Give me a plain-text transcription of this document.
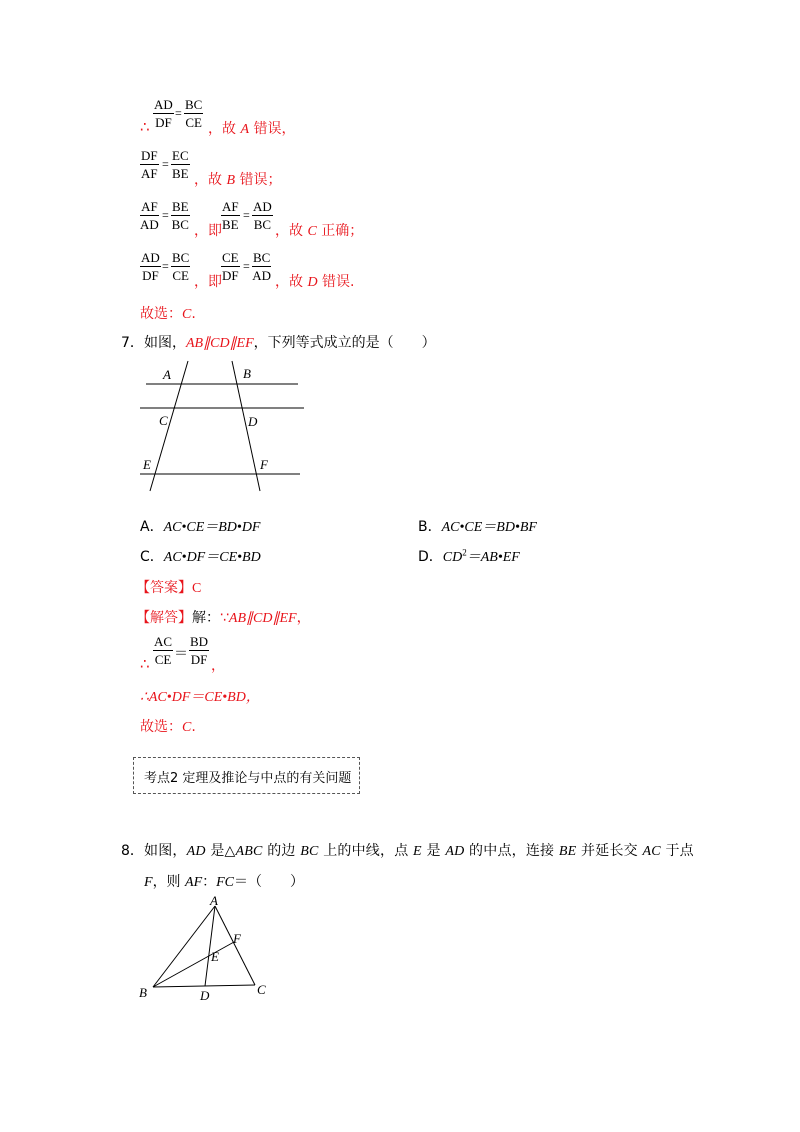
∴ $\frac{AD}{DF} = \frac{BC}{CE}$ ，故 A 错误，
$\frac{DF}{AF} = \frac{EC}{BE}$ ，故 B 错误；
$\frac{AF}{AD} = \frac{BE}{BC}$ ，即 $\frac{AF}{BE} = \frac{AD}{BC}$ ，故 C 正确；
$\frac{AD}{DF} = \frac{BC}{CE}$ ，即 $\frac{CE}{DF} = \frac{BC}{AD}$ ，故 D 错误.
故选：C.
7． 如图，AB∥CD∥EF，下列等式成立的是（　　）
A	B
C	D
E	F
A．AC•CE＝BD•DF	B．AC•CE＝BD•BF
C．AC•DF＝CE•BD	D．$CD^2=AB•EF$
【答案】C
【解答】解：∵AB∥CD∥EF，
∴ $\frac{AC}{CE} = \frac{BD}{DF}$ ，
∴AC•DF＝CE•BD，
故选：C.
考点2 定理及推论与中点的有关问题
8． 如图，AD 是△ABC 的边 BC 上的中线，点 E 是 AD 的中点，连接 BE 并延长交 AC 于点
F，则 AF：FC＝（　　）
A
B	C
D
E
F
